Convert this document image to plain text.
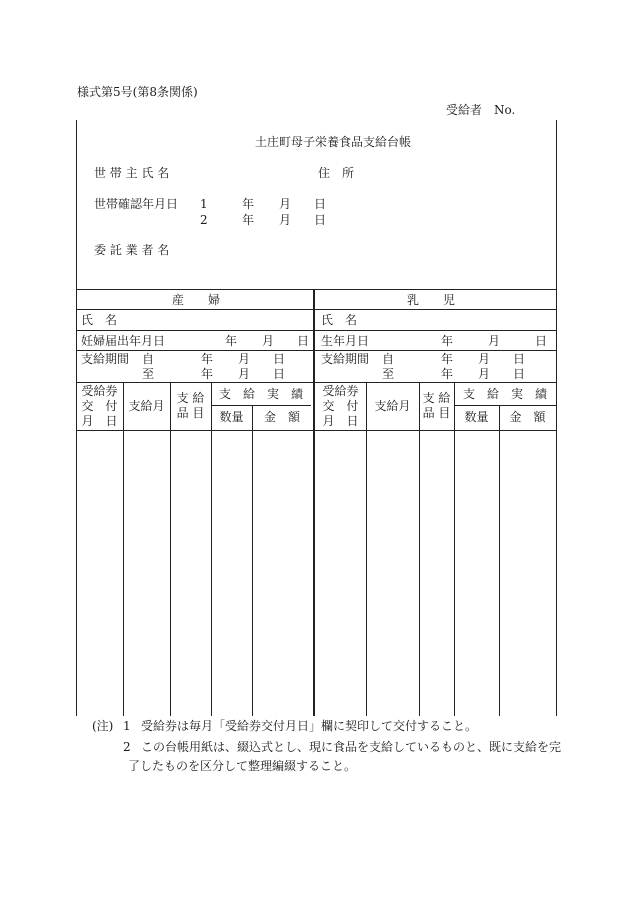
様式第5号(第8条関係)
受給者　No.
土庄町母子栄養食品支給台帳
世 帯 主 氏 名	住　所
世帯確認年月日 1	年 月 日
2	年 月 日
委 託 業 者 名
産　　婦
氏　名
妊婦届出年月日	年 月 日
支給期間 自	年 月 日
至	年 月 日
受給券
交　付
月　日
支給月
支 給
品 目
支　給　実　績
数量	金　額
乳　　児
氏　名
生年月日	年	月	日
支給期間 自	年 月 日
至	年 月 日
受給券
交　付
月　日
支給月
支 給
品 目
支　給　実　績
数量	金　額
(注) 1 受給券は毎月「受給券交付月日」欄に契印して交付すること。
2 この台帳用紙は、綴込式とし、現に食品を支給しているものと、既に支給を完
了したものを区分して整理編綴すること。
